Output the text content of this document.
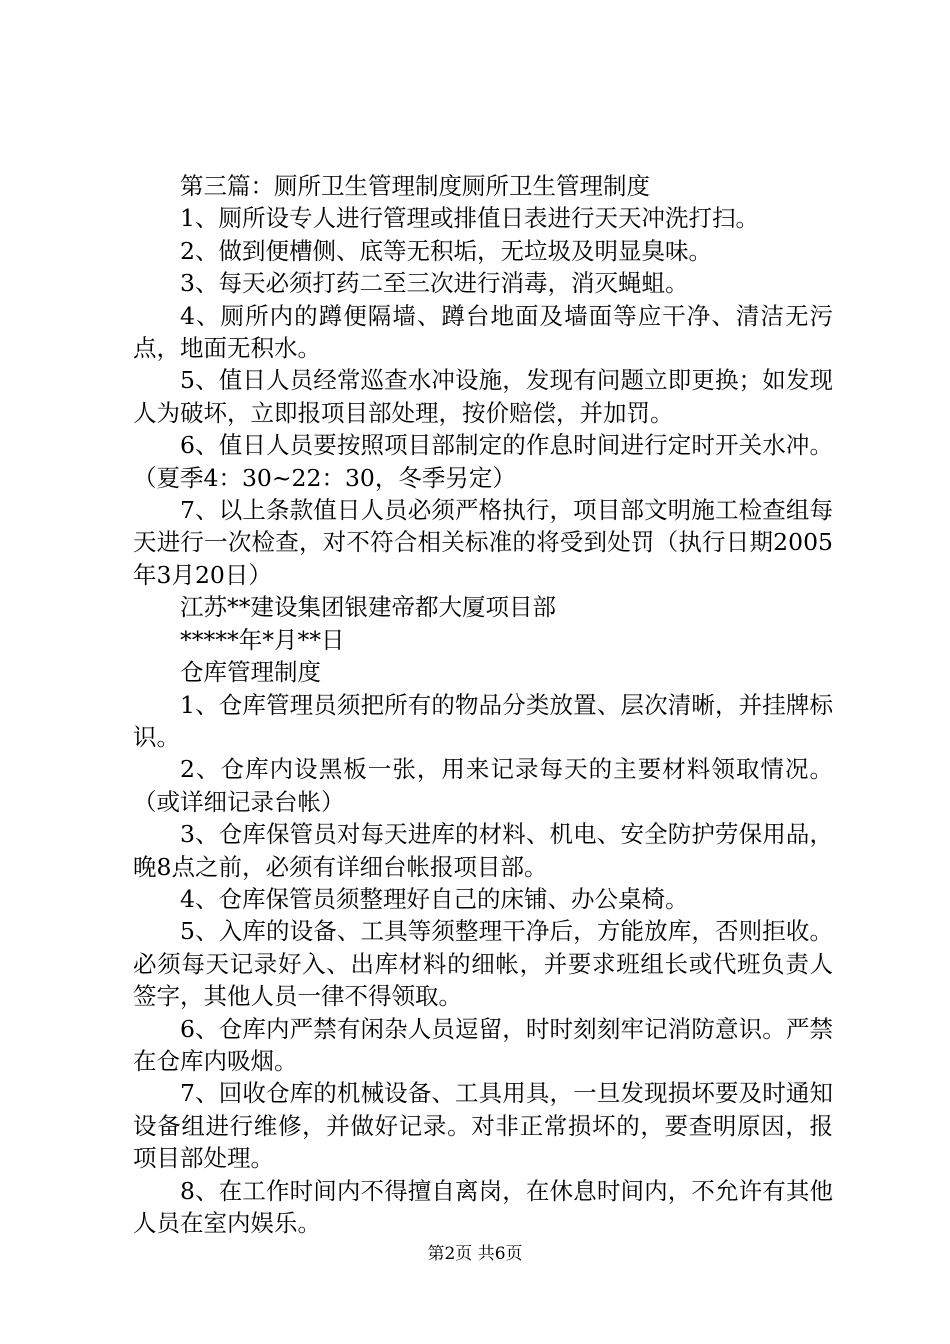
第三篇：厕所卫生管理制度厕所卫生管理制度

1、厕所设专人进行管理或排值日表进行天天冲洗打扫。

2、做到便槽侧、底等无积垢，无垃圾及明显臭味。

3、每天必须打药二至三次进行消毒，消灭蝇蛆。

4、厕所内的蹲便隔墙、蹲台地面及墙面等应干净、清洁无污点，地面无积水。

5、值日人员经常巡查水冲设施，发现有问题立即更换；如发现人为破坏，立即报项目部处理，按价赔偿，并加罚。

6、值日人员要按照项目部制定的作息时间进行定时开关水冲。（夏季4：30~22：30，冬季另定）

7、以上条款值日人员必须严格执行，项目部文明施工检查组每天进行一次检查，对不符合相关标准的将受到处罚（执行日期2005年3月20日）

江苏**建设集团银建帝都大厦项目部

*****年*月**日

仓库管理制度

1、仓库管理员须把所有的物品分类放置、层次清晰，并挂牌标识。

2、仓库内设黑板一张，用来记录每天的主要材料领取情况。（或详细记录台帐）

3、仓库保管员对每天进库的材料、机电、安全防护劳保用品，晚8点之前，必须有详细台帐报项目部。

4、仓库保管员须整理好自己的床铺、办公桌椅。

5、入库的设备、工具等须整理干净后，方能放库，否则拒收。必须每天记录好入、出库材料的细帐，并要求班组长或代班负责人签字，其他人员一律不得领取。

6、仓库内严禁有闲杂人员逗留，时时刻刻牢记消防意识。严禁在仓库内吸烟。

7、回收仓库的机械设备、工具用具，一旦发现损坏要及时通知设备组进行维修，并做好记录。对非正常损坏的，要查明原因，报项目部处理。

8、在工作时间内不得擅自离岗，在休息时间内，不允许有其他人员在室内娱乐。

第2页 共6页
